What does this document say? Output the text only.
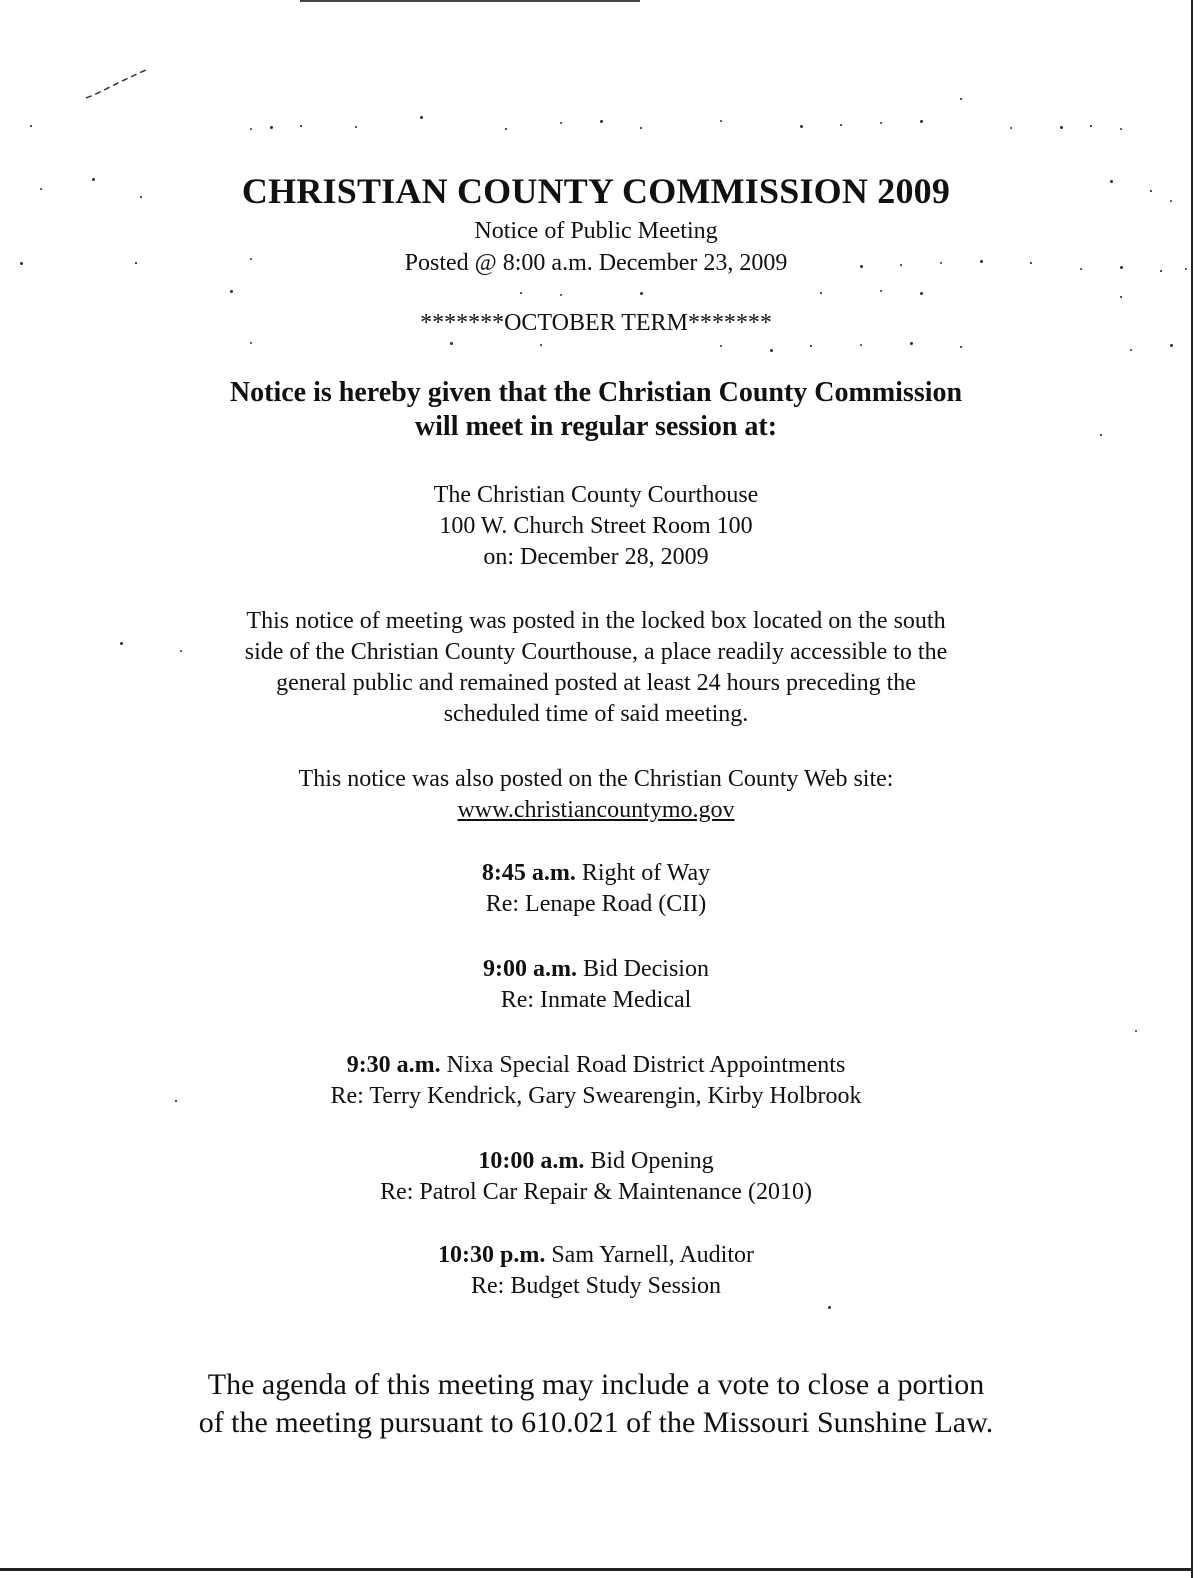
CHRISTIAN COUNTY COMMISSION 2009
Notice of Public Meeting
Posted @ 8:00 a.m. December 23, 2009
*******OCTOBER TERM*******
Notice is hereby given that the Christian County Commission
will meet in regular session at:
The Christian County Courthouse
100 W. Church Street Room 100
on: December 28, 2009
This notice of meeting was posted in the locked box located on the south
side of the Christian County Courthouse, a place readily accessible to the
general public and remained posted at least 24 hours preceding the
scheduled time of said meeting.
This notice was also posted on the Christian County Web site:
www.christiancountymo.gov
8:45 a.m. Right of Way
Re: Lenape Road (CII)
9:00 a.m. Bid Decision
Re: Inmate Medical
9:30 a.m. Nixa Special Road District Appointments
Re: Terry Kendrick, Gary Swearengin, Kirby Holbrook
10:00 a.m. Bid Opening
Re: Patrol Car Repair & Maintenance (2010)
10:30 p.m. Sam Yarnell, Auditor
Re: Budget Study Session
The agenda of this meeting may include a vote to close a portion
of the meeting pursuant to 610.021 of the Missouri Sunshine Law.
